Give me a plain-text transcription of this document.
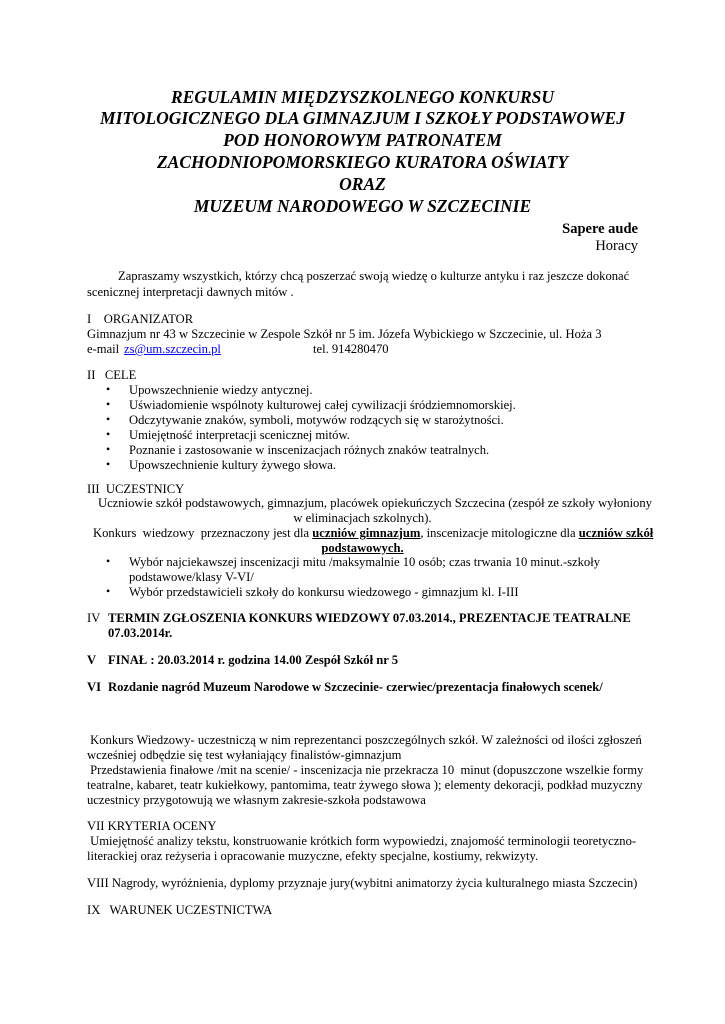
REGULAMIN MIĘDZYSZKOLNEGO KONKURSU
MITOLOGICZNEGO DLA GIMNAZJUM I SZKOŁY PODSTAWOWEJ
POD HONOROWYM PATRONATEM
ZACHODNIOPOMORSKIEGO KURATORA OŚWIATY
ORAZ
MUZEUM NARODOWEGO W SZCZECINIE
Sapere aude
Horacy
Zapraszamy wszystkich, którzy chcą poszerzać swoją wiedzę o kulturze antyku i raz jeszcze dokonać
scenicznej interpretacji dawnych mitów .
I    ORGANIZATOR
Gimnazjum nr 43 w Szczecinie w Zespole Szkół nr 5 im. Józefa Wybickiego w Szczecinie, ul. Hoża 3
e-mail zs@um.szczecin.pl	tel. 914280470
II   CELE
• Upowszechnienie wiedzy antycznej.
• Uświadomienie wspólnoty kulturowej całej cywilizacji śródziemnomorskiej.
• Odczytywanie znaków, symboli, motywów rodzących się w starożytności.
• Umiejętność interpretacji scenicznej mitów.
• Poznanie i zastosowanie w inscenizacjach różnych znaków teatralnych.
• Upowszechnienie kultury żywego słowa.
III  UCZESTNICY
Uczniowie szkół podstawowych, gimnazjum, placówek opiekuńczych Szczecina (zespół ze szkoły wyłoniony
w eliminacjach szkolnych).
Konkurs  wiedzowy  przeznaczony jest dla uczniów gimnazjum, inscenizacje mitologiczne dla uczniów szkół
podstawowych.
• Wybór najciekawszej inscenizacji mitu /maksymalnie 10 osób; czas trwania 10 minut.-szkoły
podstawowe/klasy V-VI/
• Wybór przedstawicieli szkoły do konkursu wiedzowego - gimnazjum kl. I-III
IV TERMIN ZGŁOSZENIA KONKURS WIEDZOWY 07.03.2014., PREZENTACJE TEATRALNE
07.03.2014r.
V FINAŁ : 20.03.2014 r. godzina 14.00 Zespół Szkół nr 5
VI Rozdanie nagród Muzeum Narodowe w Szczecinie- czerwiec/prezentacja finałowych scenek/
Konkurs Wiedzowy- uczestniczą w nim reprezentanci poszczególnych szkół. W zależności od ilości zgłoszeń
wcześniej odbędzie się test wyłaniający finalistów-gimnazjum
Przedstawienia finałowe /mit na scenie/ - inscenizacja nie przekracza 10  minut (dopuszczone wszelkie formy
teatralne, kabaret, teatr kukiełkowy, pantomima, teatr żywego słowa ); elementy dekoracji, podkład muzyczny
uczestnicy przygotowują we własnym zakresie-szkoła podstawowa
VII KRYTERIA OCENY
Umiejętność analizy tekstu, konstruowanie krótkich form wypowiedzi, znajomość terminologii teoretyczno-
literackiej oraz reżyseria i opracowanie muzyczne, efekty specjalne, kostiumy, rekwizyty.
VIII Nagrody, wyróżnienia, dyplomy przyznaje jury(wybitni animatorzy życia kulturalnego miasta Szczecin)
IX   WARUNEK UCZESTNICTWA
